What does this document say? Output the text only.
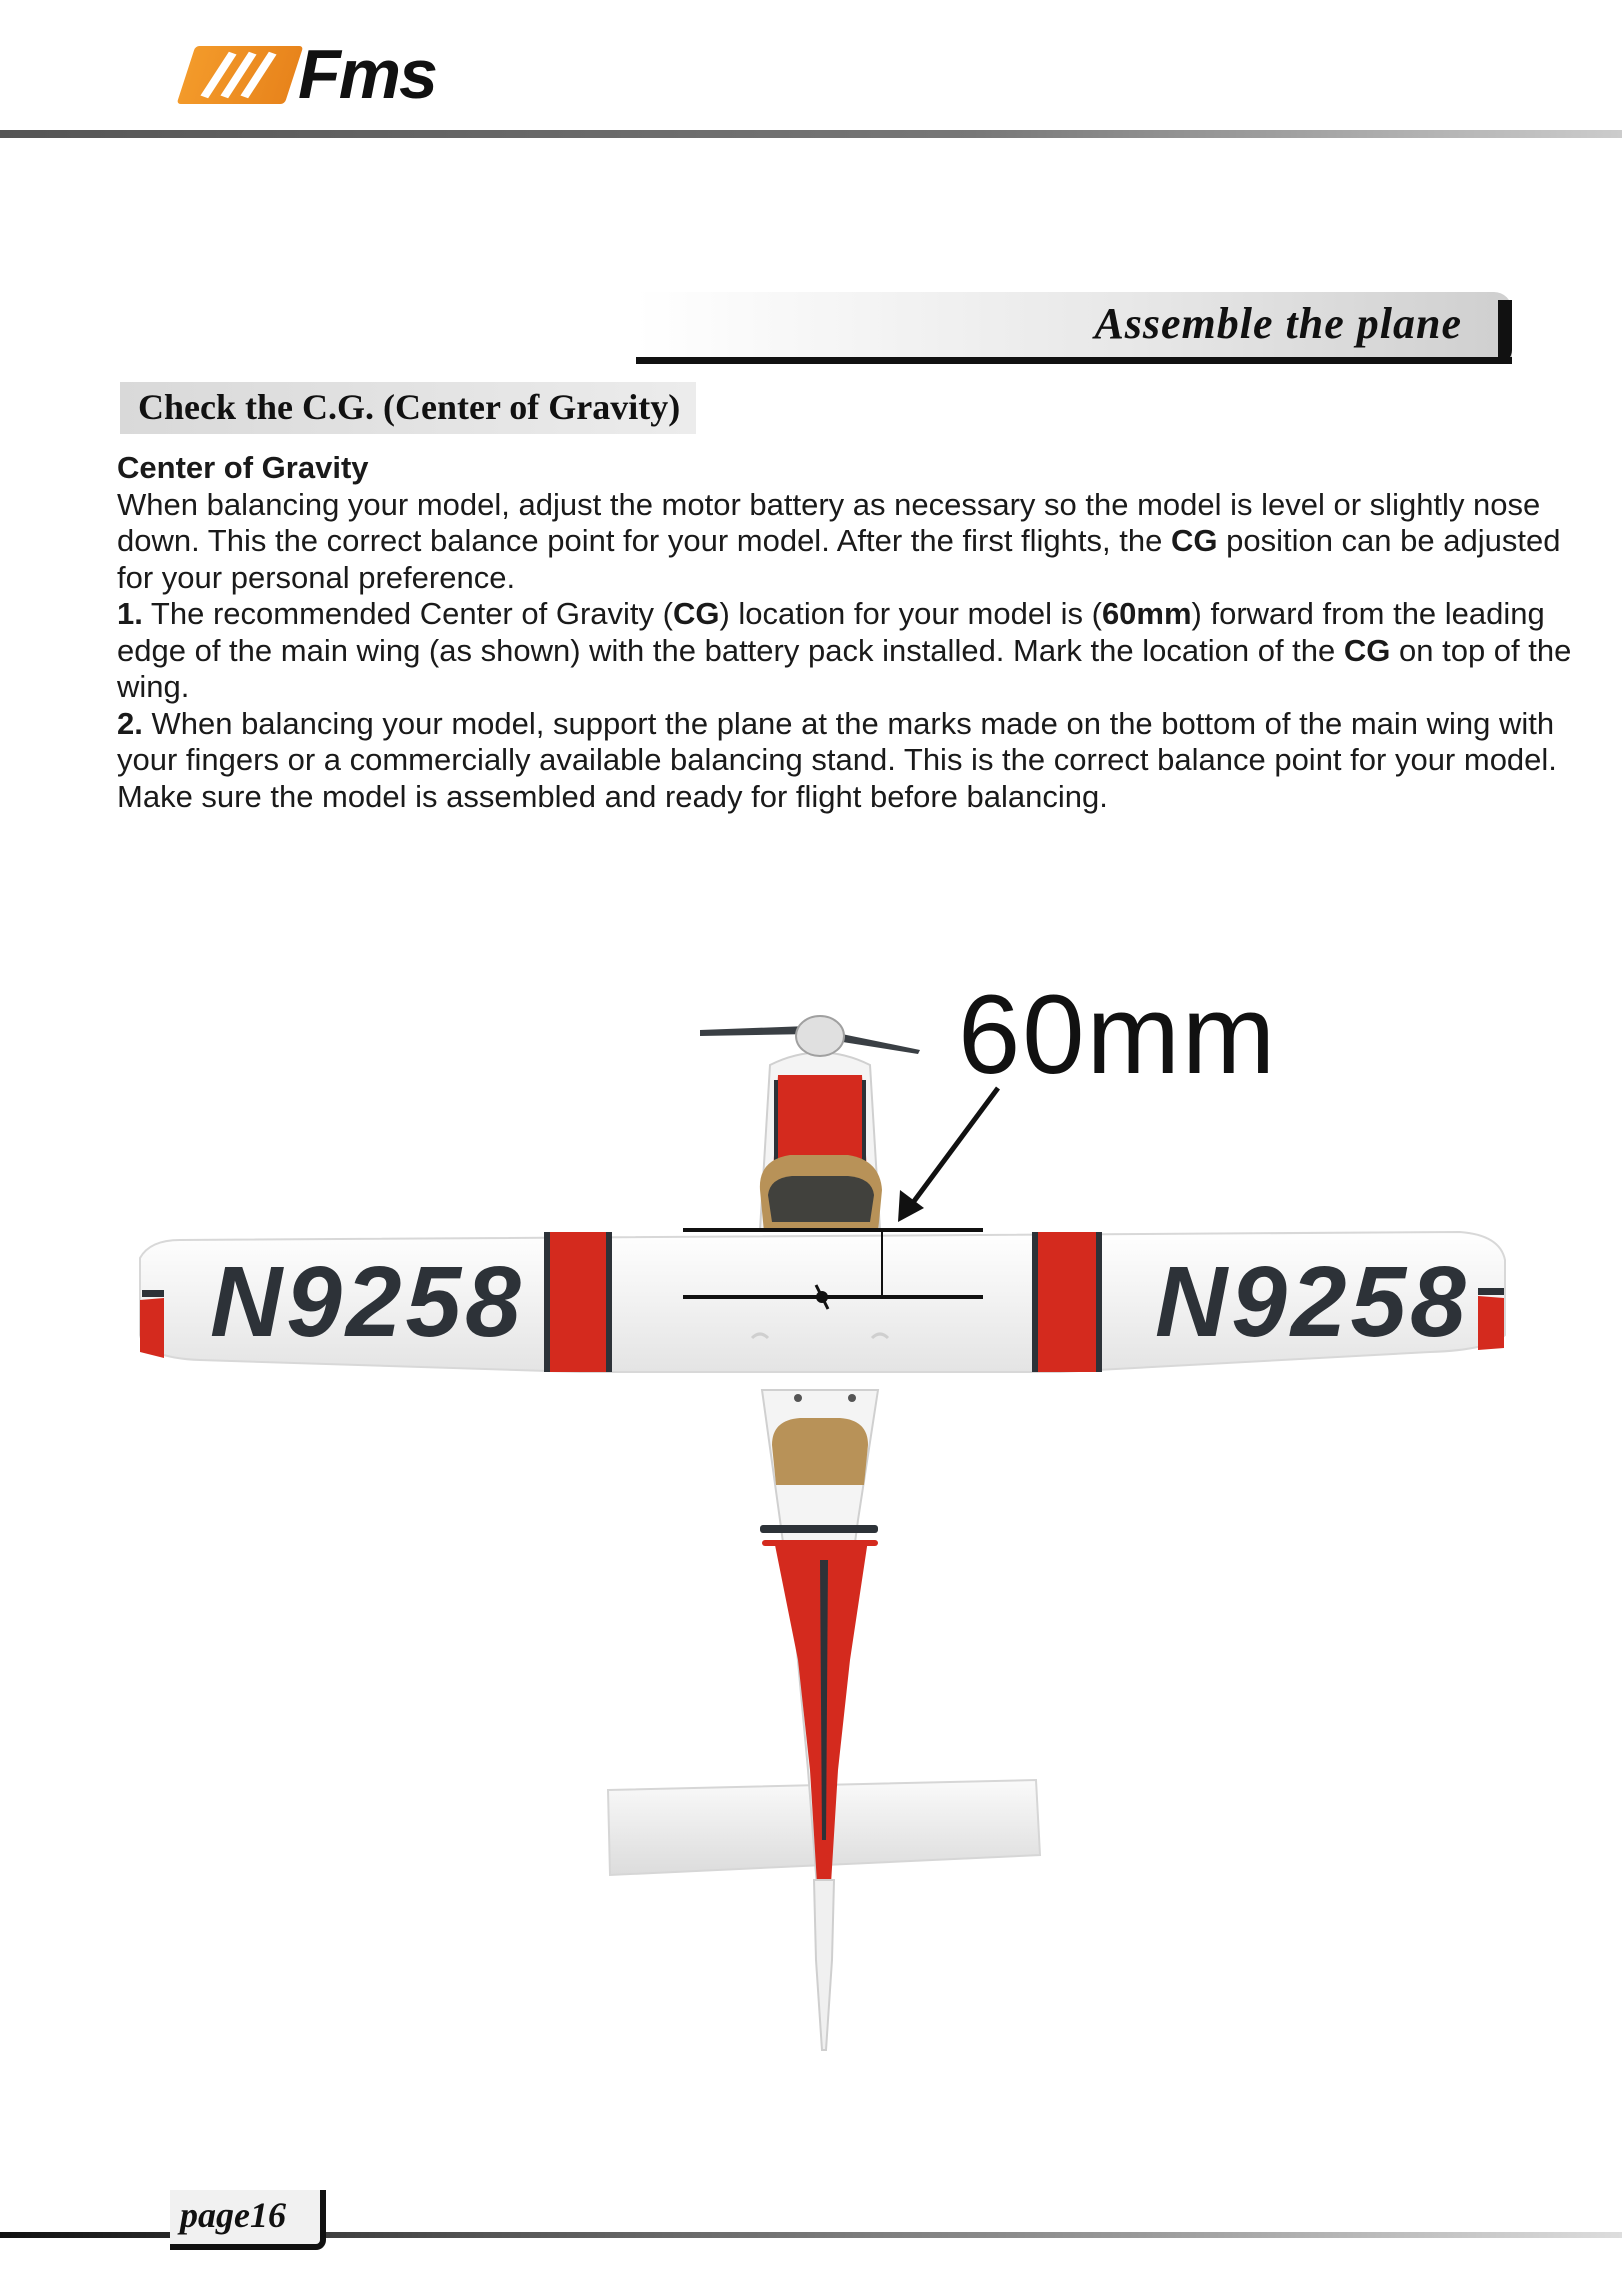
Fms
Assemble the plane
Check the C.G. (Center of Gravity)

Center of Gravity

When balancing your model, adjust the motor battery as necessary so the model is level or slightly nose down. This the correct balance point for your model. After the first flights, the CG position can be adjusted for your personal preference.

1. The recommended Center of Gravity (CG) location for your model is (60mm) forward from the leading edge of the main wing (as shown) with the battery pack installed. Mark the location of the CG on top of the wing.

2. When balancing your model, support the plane at the marks made on the bottom of the main wing with your fingers or a commercially available balancing stand. This is the correct balance point for your model. Make sure the model is assembled and ready for flight before balancing.

N9258	N9258
60mm
page16
